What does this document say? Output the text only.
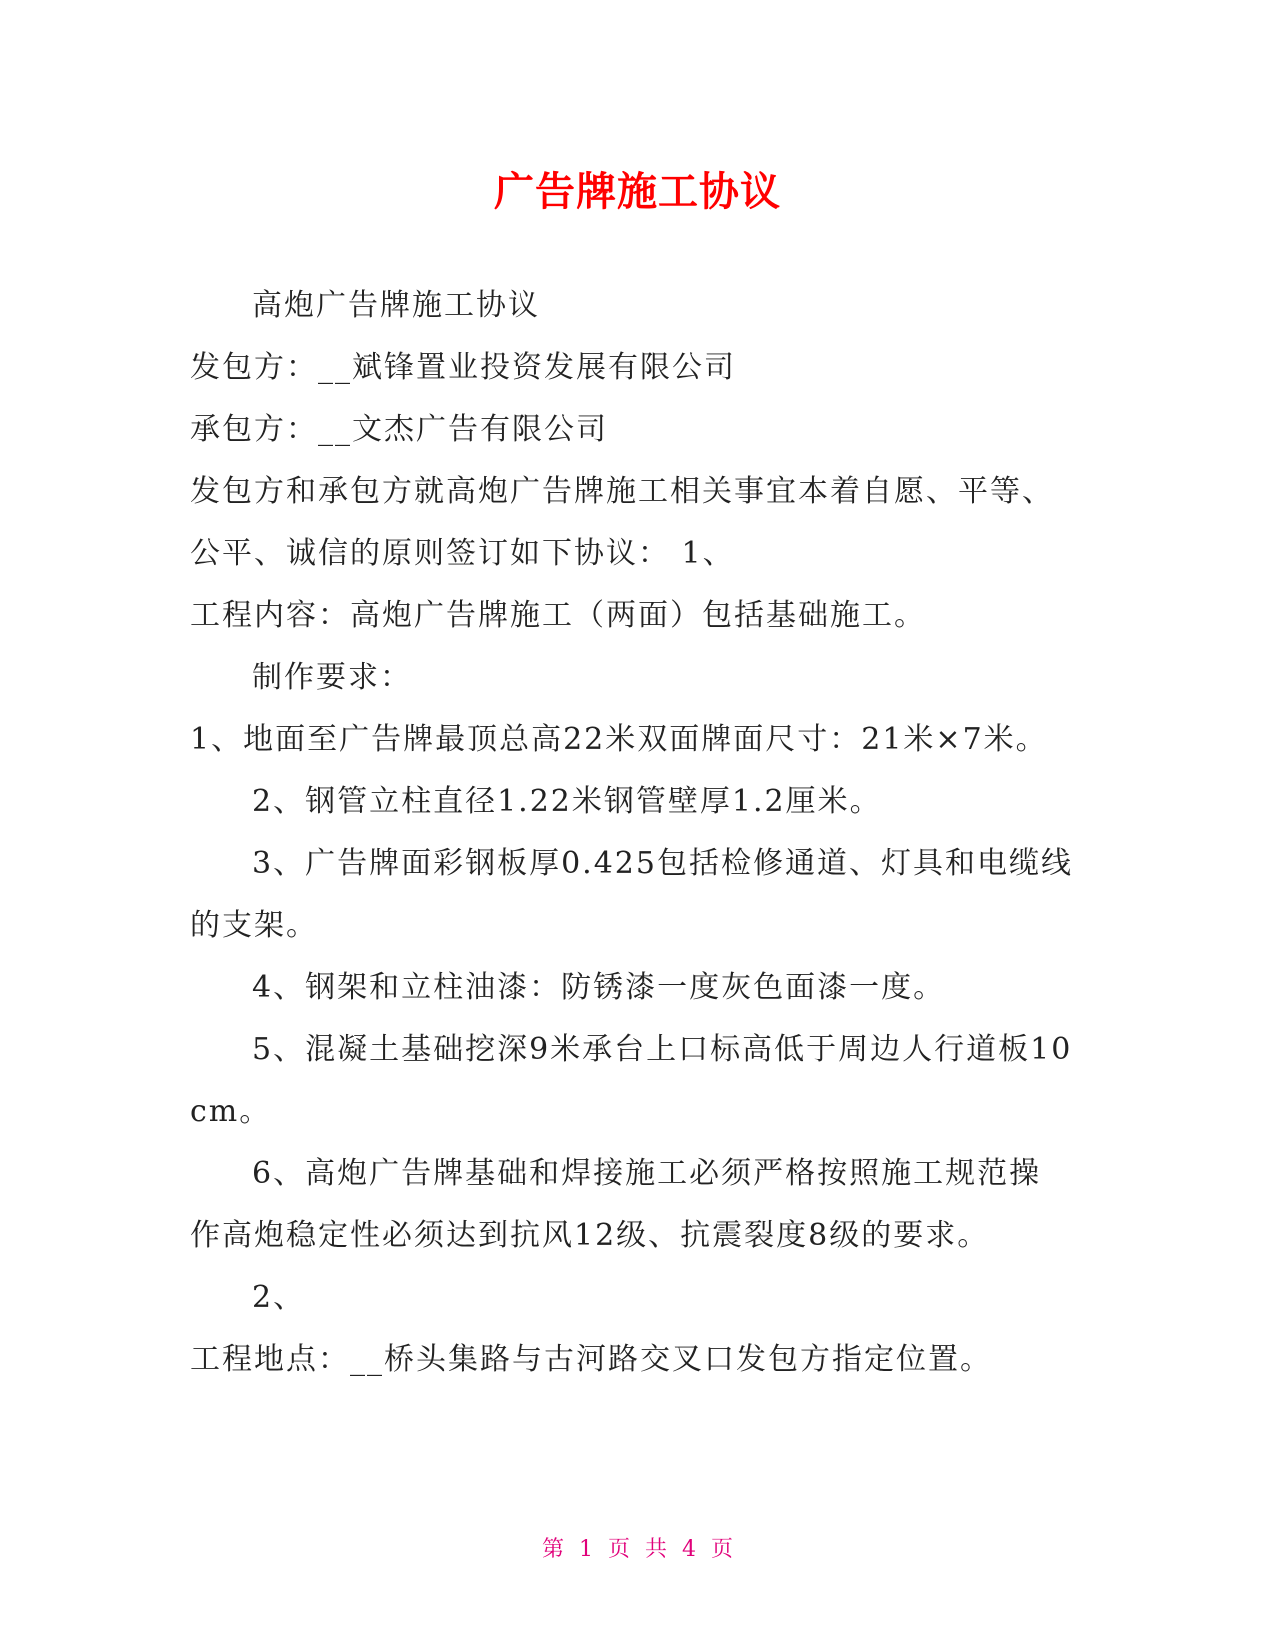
广告牌施工协议
高炮广告牌施工协议
发包方：__斌锋置业投资发展有限公司
承包方：__文杰广告有限公司
发包方和承包方就高炮广告牌施工相关事宜本着自愿、平等、
公平、诚信的原则签订如下协议： 1、
工程内容：高炮广告牌施工（两面）包括基础施工。
制作要求：
1、地面至广告牌最顶总高22米双面牌面尺寸：21米×7米。
2、钢管立柱直径1.22米钢管壁厚1.2厘米。
3、广告牌面彩钢板厚0.425包括检修通道、灯具和电缆线
的支架。
4、钢架和立柱油漆：防锈漆一度灰色面漆一度。
5、混凝土基础挖深9米承台上口标高低于周边人行道板10
cm。
6、高炮广告牌基础和焊接施工必须严格按照施工规范操
作高炮稳定性必须达到抗风12级、抗震裂度8级的要求。
2、
工程地点：__桥头集路与古河路交叉口发包方指定位置。
第 1 页 共 4 页
